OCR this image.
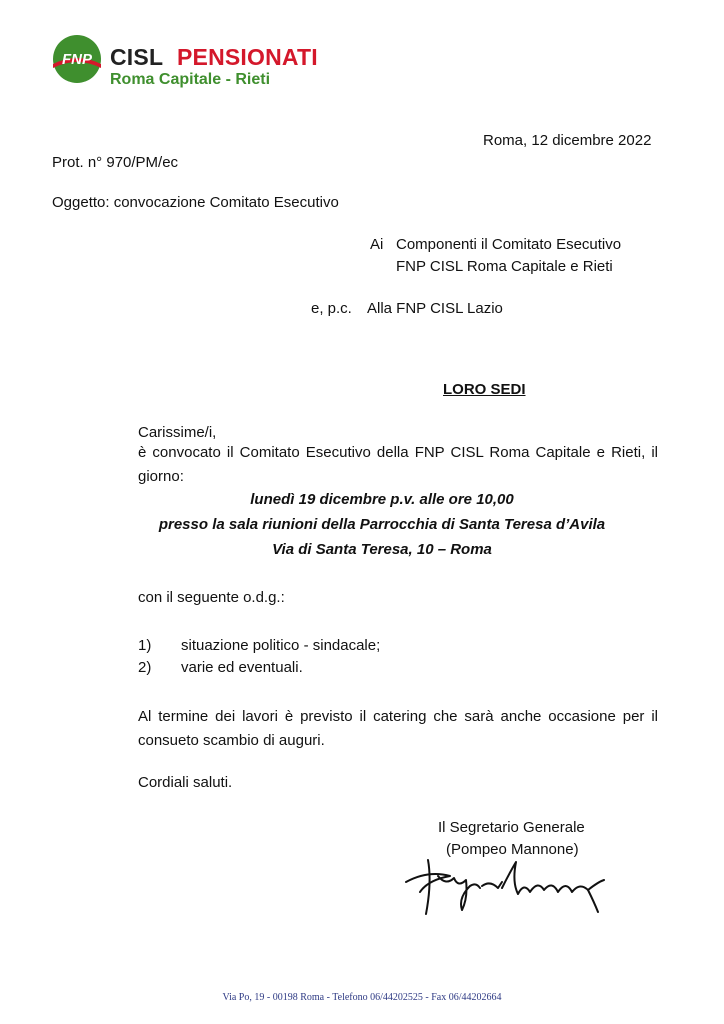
FNP CISL PENSIONATI
Roma Capitale - Rieti
Roma, 12 dicembre 2022
Prot. n° 970/PM/ec
Oggetto: convocazione Comitato Esecutivo
Ai Componenti il Comitato Esecutivo
FNP CISL Roma Capitale e Rieti
e, p.c. Alla FNP CISL Lazio
LORO SEDI
Carissime/i,
è convocato il Comitato Esecutivo della FNP CISL Roma Capitale e Rieti, il giorno:
lunedì 19 dicembre p.v. alle ore 10,00
presso la sala riunioni della Parrocchia di Santa Teresa d’Avila
Via di Santa Teresa, 10 – Roma
con il seguente o.d.g.:
1) situazione politico - sindacale;
2) varie ed eventuali.
Al termine dei lavori è previsto il catering che sarà anche occasione per il consueto scambio di auguri.
Cordiali saluti.
Il Segretario Generale
(Pompeo Mannone)
Via Po, 19 - 00198 Roma - Telefono 06/44202525 - Fax 06/44202664
